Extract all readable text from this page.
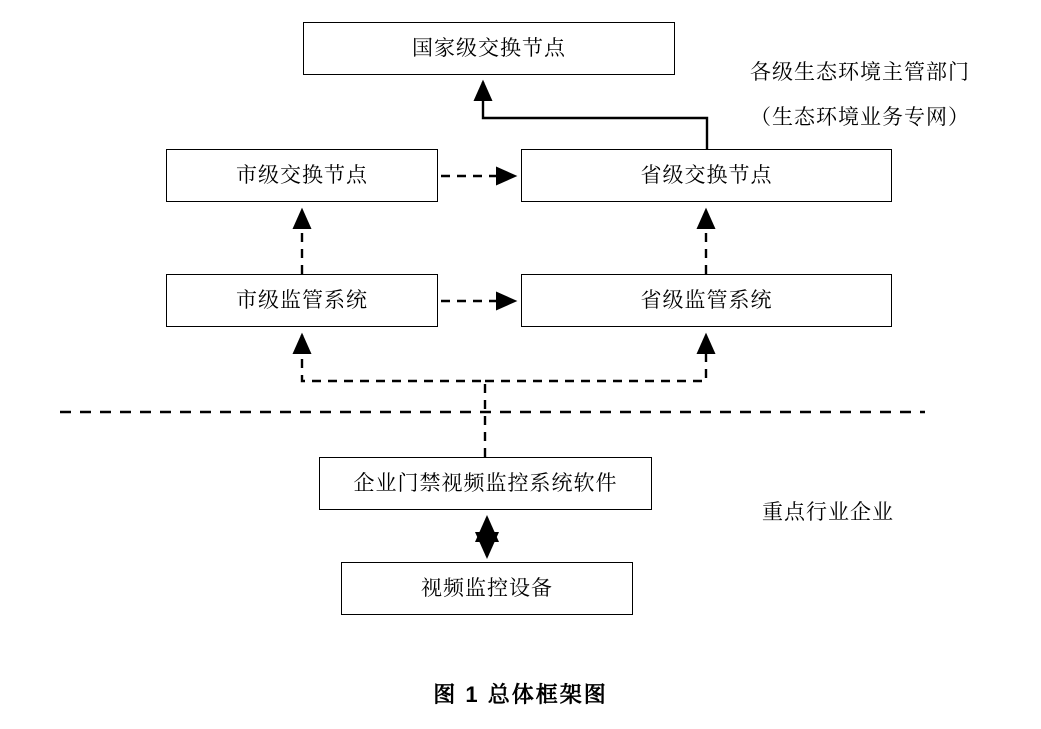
国家级交换节点
市级交换节点	省级交换节点
市级监管系统	省级监管系统
企业门禁视频监控系统软件
视频监控设备
各级生态环境主管部门
（生态环境业务专网）
重点行业企业
图 1 总体框架图
